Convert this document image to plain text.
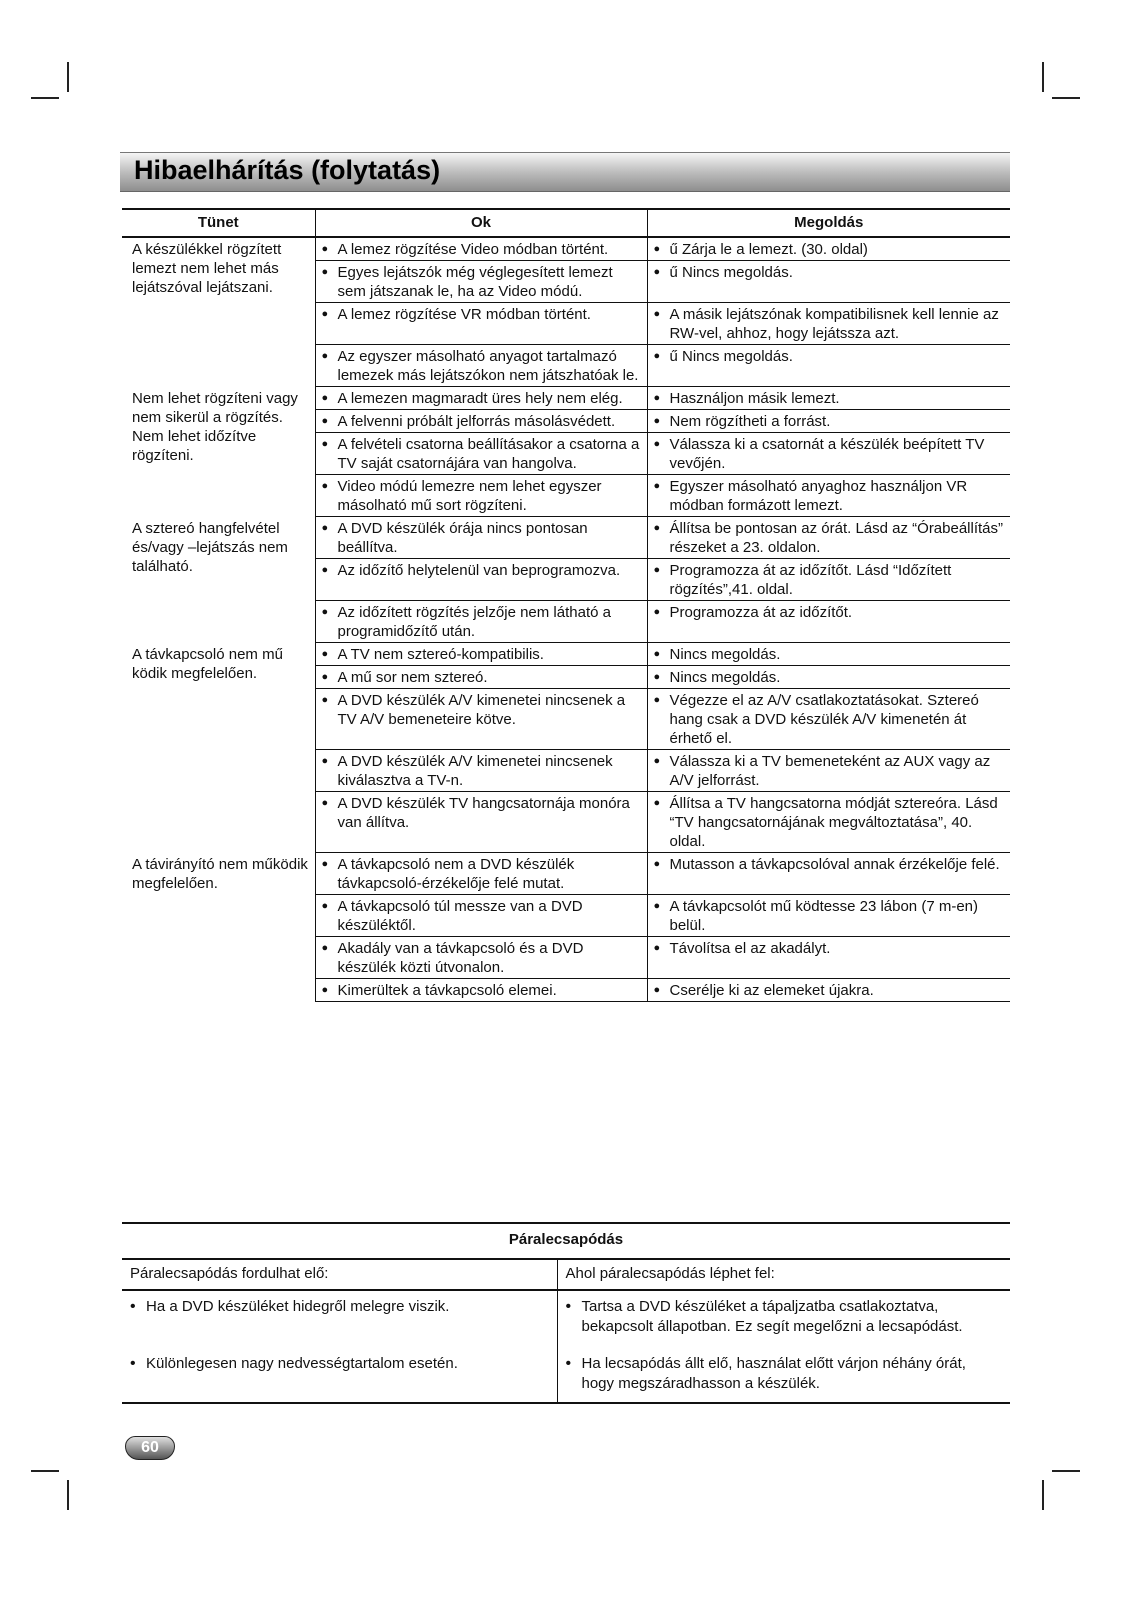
Hibaelhárítás (folytatás)
Tünet	Ok	Megoldás
A készülékkel rögzített lemezt nem lehet más lejátszóval lejátszani.	● A lemez rögzítése Video módban történt.	● ű Zárja le a lemezt. (30. oldal)

	● Egyes lejátszók még véglegesített lemezt sem játszanak le, ha az Video módú.	● ű Nincs megoldás.

	● A lemez rögzítése VR módban történt.	● A másik lejátszónak kompatibilisnek kell lennie az RW-vel, ahhoz, hogy lejátssza azt.

	● Az egyszer másolható anyagot tartalmazó lemezek más lejátszókon nem játszhatóak le.	● ű Nincs megoldás.

Nem lehet rögzíteni vagy nem sikerül a rögzítés. Nem lehet időzítve rögzíteni.	● A lemezen magmaradt üres hely nem elég.	● Használjon másik lemezt.

	● A felvenni próbált jelforrás másolásvédett.	● Nem rögzítheti a forrást.

	● A felvételi csatorna beállításakor a csatorna a TV saját csatornájára van hangolva.	● Válassza ki a csatornát a készülék beépített TV vevőjén.

	● Video módú lemezre nem lehet egyszer másolható mű sort rögzíteni.	● Egyszer másolható anyaghoz használjon VR módban formázott lemezt.

A sztereó hangfelvétel és/vagy –lejátszás nem található.	● A DVD készülék órája nincs pontosan beállítva.	● Állítsa be pontosan az órát. Lásd az “Órabeállítás” részeket a 23. oldalon.

	● Az időzítő helytelenül van beprogramozva.	● Programozza át az időzítőt. Lásd “Időzített rögzítés”,41. oldal.

	● Az időzített rögzítés jelzője nem látható a programidőzítő után.	● Programozza át az időzítőt.

A távkapcsoló nem mű ködik megfelelően.	● A TV nem sztereó-kompatibilis.	● Nincs megoldás.

	● A mű sor nem sztereó.	● Nincs megoldás.

	● A DVD készülék A/V kimenetei nincsenek a TV A/V bemeneteire kötve.	● Végezze el az A/V csatlakoztatásokat. Sztereó hang csak a DVD készülék A/V kimenetén át érhető el.

	● A DVD készülék A/V kimenetei nincsenek kiválasztva a TV-n.	● Válassza ki a TV bemeneteként az AUX vagy az A/V jelforrást.

	● A DVD készülék TV hangcsatornája monóra van állítva.	● Állítsa a TV hangcsatorna módját sztereóra. Lásd “TV hangcsatornájának megváltoztatása”, 40. oldal.

A távirányító nem működik megfelelően.	● A távkapcsoló nem a DVD készülék távkapcsoló-érzékelője felé mutat.	● Mutasson a távkapcsolóval annak érzékelője felé.

	● A távkapcsoló túl messze van a DVD készüléktől.	● A távkapcsolót mű ködtesse 23 lábon (7 m-en) belül.

	● Akadály van a távkapcsoló és a DVD készülék közti útvonalon.	● Távolítsa el az akadályt.

	● Kimerültek a távkapcsoló elemei.	● Cserélje ki az elemeket újakra.
Páralecsapódás	
Páralecsapódás fordulhat elő:	Ahol páralecsapódás léphet fel:

• Ha a DVD készüléket hidegről melegre viszik.	• Tartsa a DVD készüléket a tápaljzatba csatlakoztatva, bekapcsolt állapotban. Ez segít megelőzni a lecsapódást.

• Különlegesen nagy nedvességtartalom esetén.	• Ha lecsapódás állt elő, használat előtt várjon néhány órát, hogy megszáradhasson a készülék.
60
